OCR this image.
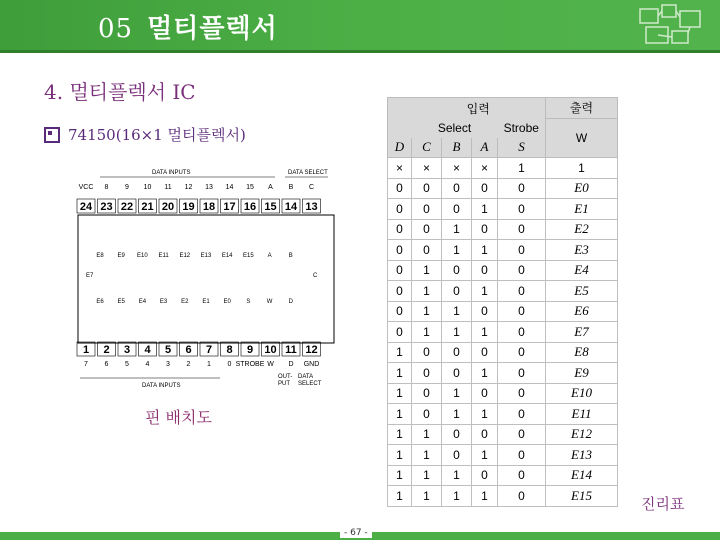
05 멀티플렉서
4. 멀티플렉서 IC
74150(16×1 멀티플렉서)
DATA INPUTS	DATA SELECT
VCC 8 9 10 11 12 13 14 15 A B C
24 23 22 21 20 19 18 17 16 15 14 13
E8 E9 E10 E11 E12 E13 E14 E15 A	B
E7	C
E6 E5 E4 E3 E2 E1 E0	S	W	D
1 2 3 4 5 6 7 8 9 10 11 12
7 6 5 4 3 2 1 0 STROBE W D GND
DATA INPUTS
OUT-
PUT
DATA
SELECT
핀 배치도
	입력				출력
	Select			Strobe	W
D	C	B	A	S	
×	×	×	×	1	1
0	0	0	0	0	E0
0	0	0	1	0	E1
0	0	1	0	0	E2
0	0	1	1	0	E3
0	1	0	0	0	E4
0	1	0	1	0	E5
0	1	1	0	0	E6
0	1	1	1	0	E7
1	0	0	0	0	E8
1	0	0	1	0	E9
1	0	1	0	0	E10
1	0	1	1	0	E11
1	1	0	0	0	E12
1	1	0	1	0	E13
1	1	1	0	0	E14
1	1	1	1	0	E15	진리표
- 67 -
